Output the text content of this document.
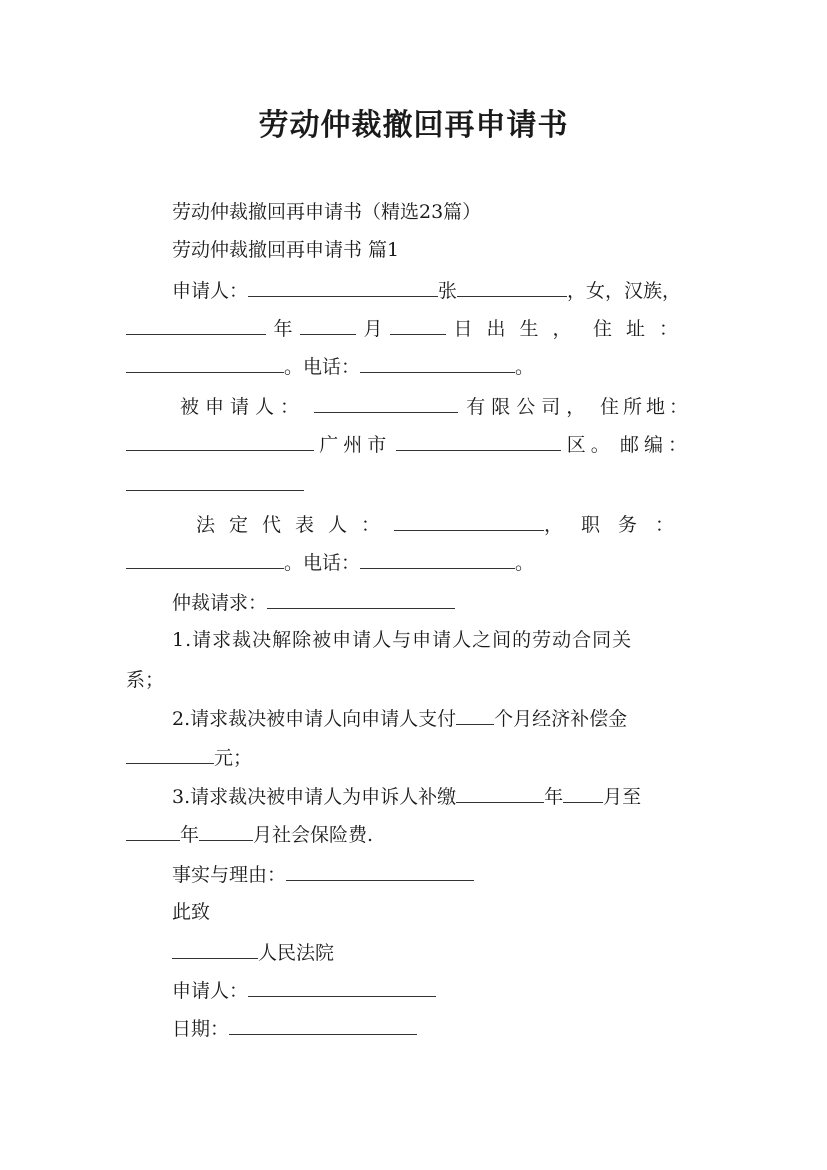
劳动仲裁撤回再申请书
劳动仲裁撤回再申请书（精选23篇）
劳动仲裁撤回再申请书 篇1
申请人：	张	，女，汉族，
年	月	日出生， 住址：
。电话：	。
被申请人：	有限公司， 住所地：
广州市	区。 邮编：
法定代表人：	，职务：
。电话：	。
仲裁请求：
1.请求裁决解除被申请人与申请人之间的劳动合同关
系；
2.请求裁决被申请人向申请人支付 个月经济补偿金
元；
3.请求裁决被申请人为申诉人补缴	年 月至
年	月社会保险费.
事实与理由：
此致
人民法院
申请人：
日期：
